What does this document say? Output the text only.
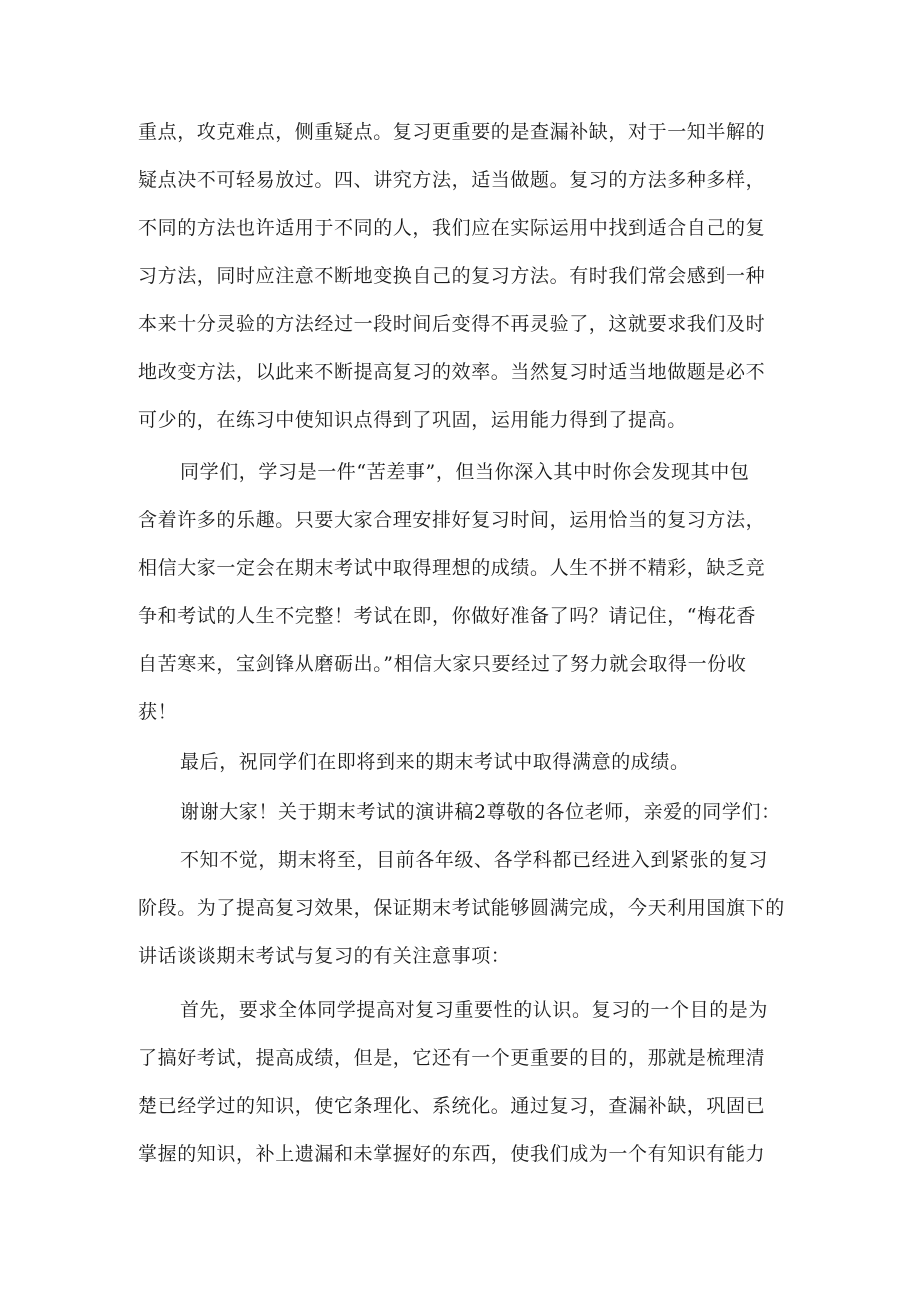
重点，攻克难点，侧重疑点。复习更重要的是查漏补缺，对于一知半解的
疑点决不可轻易放过。四、讲究方法，适当做题。复习的方法多种多样，
不同的方法也许适用于不同的人，我们应在实际运用中找到适合自己的复
习方法，同时应注意不断地变换自己的复习方法。有时我们常会感到一种
本来十分灵验的方法经过一段时间后变得不再灵验了，这就要求我们及时
地改变方法，以此来不断提高复习的效率。当然复习时适当地做题是必不
可少的，在练习中使知识点得到了巩固，运用能力得到了提高。
同学们，学习是一件“苦差事”，但当你深入其中时你会发现其中包
含着许多的乐趣。只要大家合理安排好复习时间，运用恰当的复习方法，
相信大家一定会在期末考试中取得理想的成绩。人生不拼不精彩，缺乏竞
争和考试的人生不完整！考试在即，你做好准备了吗？请记住，“梅花香
自苦寒来，宝剑锋从磨砺出。”相信大家只要经过了努力就会取得一份收
获！
最后，祝同学们在即将到来的期末考试中取得满意的成绩。
谢谢大家！关于期末考试的演讲稿2尊敬的各位老师，亲爱的同学们：
不知不觉，期末将至，目前各年级、各学科都已经进入到紧张的复习
阶段。为了提高复习效果，保证期末考试能够圆满完成，今天利用国旗下的
讲话谈谈期末考试与复习的有关注意事项：
首先，要求全体同学提高对复习重要性的认识。复习的一个目的是为
了搞好考试，提高成绩，但是，它还有一个更重要的目的，那就是梳理清
楚已经学过的知识，使它条理化、系统化。通过复习，查漏补缺，巩固已
掌握的知识，补上遗漏和未掌握好的东西，使我们成为一个有知识有能力
